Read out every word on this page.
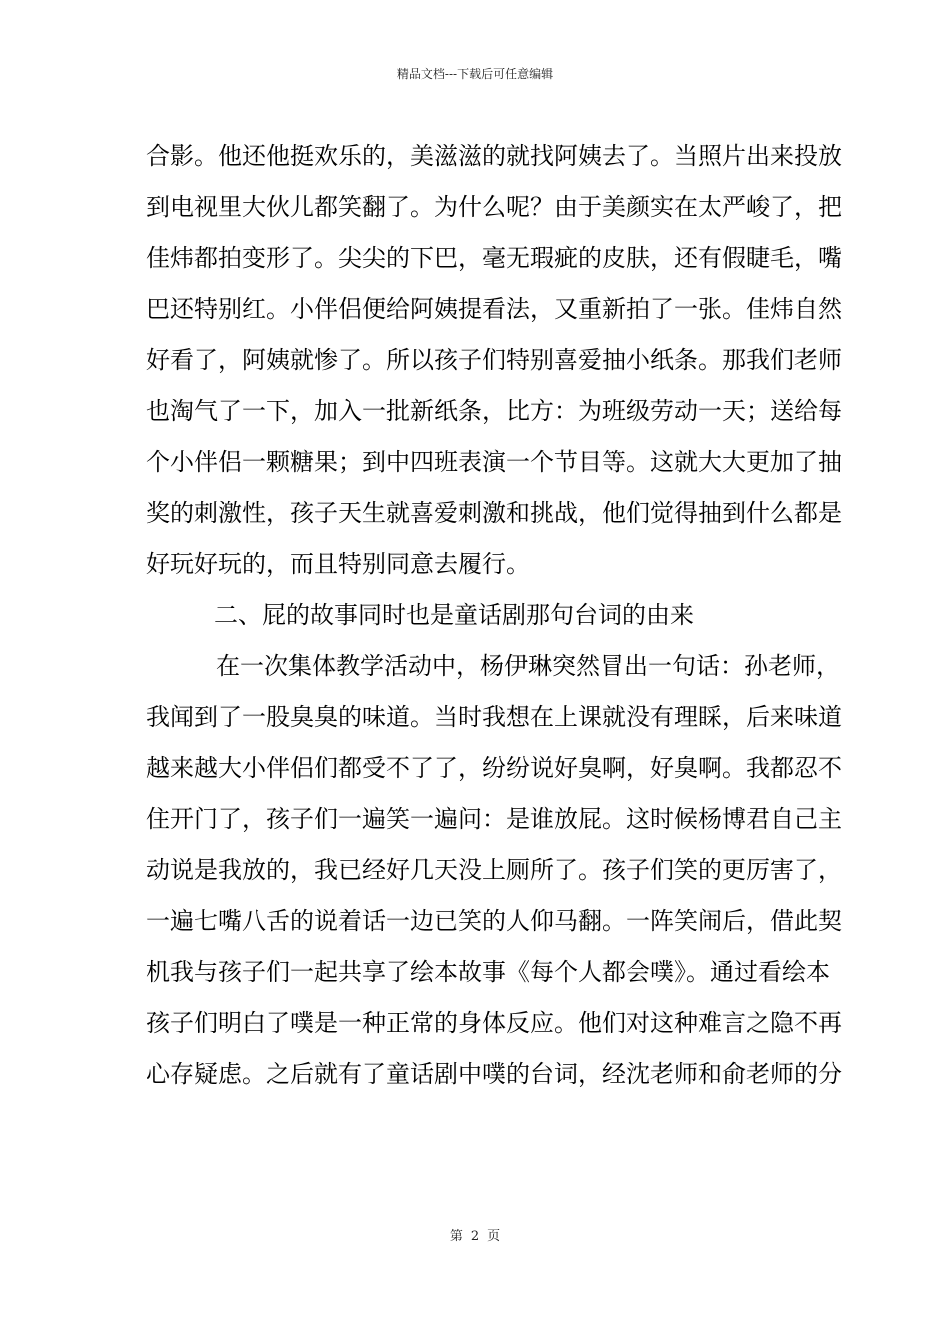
精品文档---下载后可任意编辑
合影。他还他挺欢乐的，美滋滋的就找阿姨去了。当照片出来投放
到电视里大伙儿都笑翻了。为什么呢？由于美颜实在太严峻了，把
佳炜都拍变形了。尖尖的下巴，毫无瑕疵的皮肤，还有假睫毛，嘴
巴还特别红。小伴侣便给阿姨提看法，又重新拍了一张。佳炜自然
好看了，阿姨就惨了。所以孩子们特别喜爱抽小纸条。那我们老师
也淘气了一下，加入一批新纸条，比方：为班级劳动一天；送给每
个小伴侣一颗糖果；到中四班表演一个节目等。这就大大更加了抽
奖的刺激性，孩子天生就喜爱刺激和挑战，他们觉得抽到什么都是
好玩好玩的，而且特别同意去履行。
二、屁的故事同时也是童话剧那句台词的由来
在一次集体教学活动中，杨伊琳突然冒出一句话：孙老师，
我闻到了一股臭臭的味道。当时我想在上课就没有理睬，后来味道
越来越大小伴侣们都受不了了，纷纷说好臭啊，好臭啊。我都忍不
住开门了，孩子们一遍笑一遍问：是谁放屁。这时候杨博君自己主
动说是我放的，我已经好几天没上厕所了。孩子们笑的更厉害了，
一遍七嘴八舌的说着话一边已笑的人仰马翻。一阵笑闹后，借此契
机我与孩子们一起共享了绘本故事《每个人都会噗》。通过看绘本
孩子们明白了噗是一种正常的身体反应。他们对这种难言之隐不再
心存疑虑。之后就有了童话剧中噗的台词，经沈老师和俞老师的分
第 2 页
